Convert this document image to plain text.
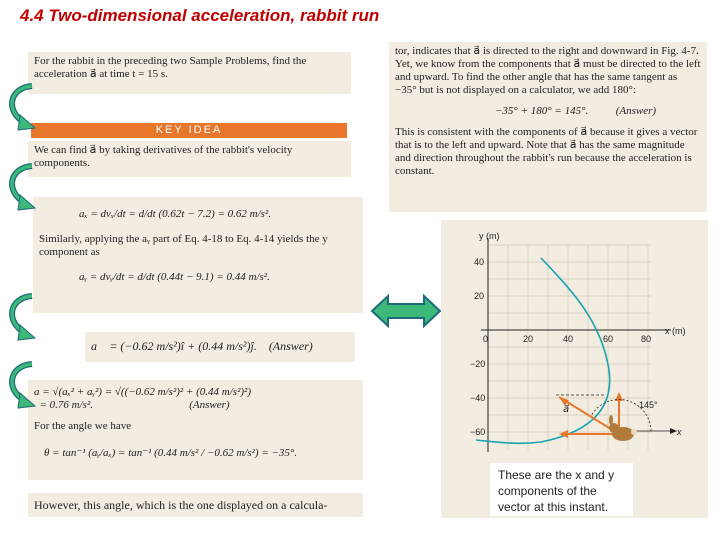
4.4 Two-dimensional acceleration, rabbit run
For the rabbit in the preceding two Sample Problems, find the acceleration a⃗ at time t = 15 s.
KEY IDEA
We can find a⃗ by taking derivatives of the rabbit's velocity components.
aₓ = dvₓ/dt = d/dt (0.62t − 7.2) = 0.62 m/s².
Similarly, applying the aᵧ part of Eq. 4-18 to Eq. 4-14 yields the y component as
aᵧ = dvᵧ/dt = d/dt (0.44t − 9.1) = 0.44 m/s².
a⃗ = (−0.62 m/s²)î + (0.44 m/s²)ĵ.    (Answer)
a = √(aₓ² + aᵧ²) = √((−0.62 m/s²)² + (0.44 m/s²)²)
= 0.76 m/s².                                   (Answer)
For the angle we have
θ = tan⁻¹ (aᵧ/aₓ) = tan⁻¹ (0.44 m/s² / −0.62 m/s²) = −35°.
However, this angle, which is the one displayed on a calcula-
tor, indicates that a⃗ is directed to the right and downward in Fig. 4-7. Yet, we know from the components that a⃗ must be directed to the left and upward. To find the other angle that has the same tangent as −35° but is not displayed on a calculator, we add 180°:
−35° + 180° = 145°.          (Answer)
This is consistent with the components of a⃗ because it gives a vector that is to the left and upward. Note that a⃗ has the same magnitude and direction throughout the rabbit's run because the acceleration is constant.
y (m)
x (m)
0	20	40	60	80
40
20
−20
−40
−60
145°
a⃗
x
These are the x and y components of the vector at this instant.
